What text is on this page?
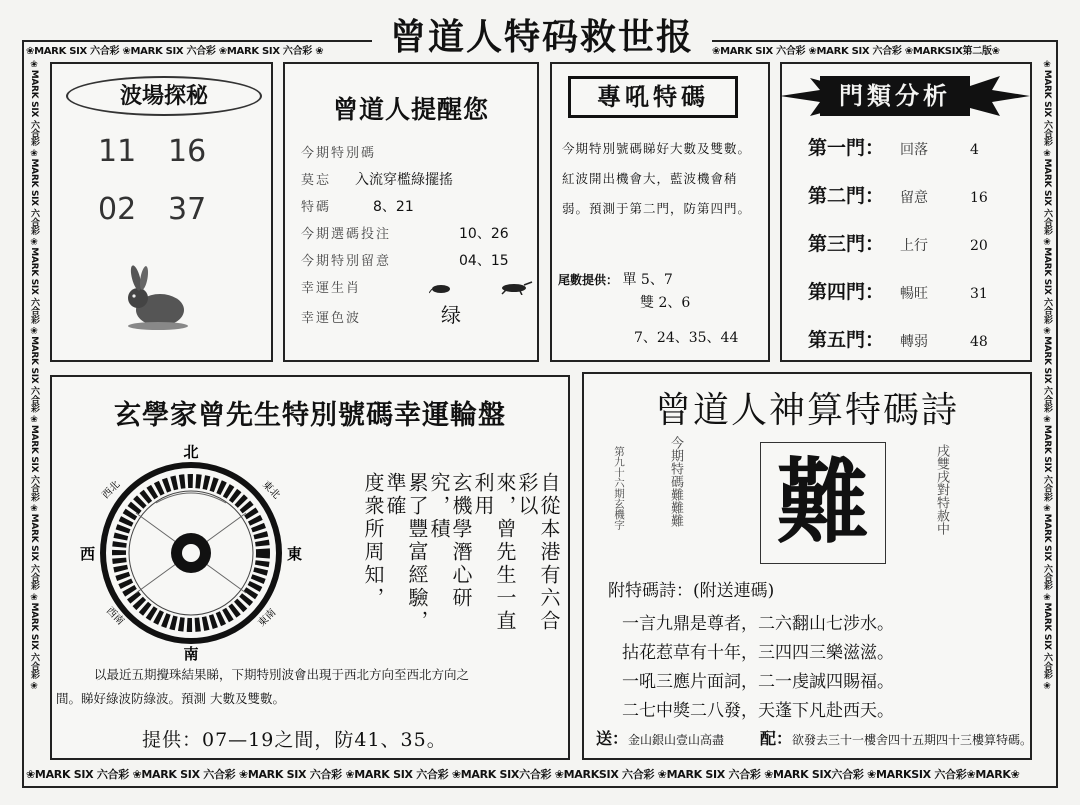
❀MARK SIX 六合彩 ❀MARK SIX 六合彩 ❀MARK SIX 六合彩 ❀	❀MARK SIX 六合彩 ❀MARK SIX 六合彩 ❀MARKSIX第二版❀
❀MARK SIX 六合彩 ❀MARK SIX 六合彩 ❀MARK SIX 六合彩 ❀MARK SIX 六合彩 ❀MARK SIX六合彩 ❀MARKSIX 六合彩 ❀MARK SIX 六合彩 ❀MARK SIX六合彩 ❀MARKSIX 六合彩❀MARK❀
❀MARK SIX 六合彩 ❀MARK SIX 六合彩 ❀MARK SIX 六合彩 ❀MARK SIX 六合彩 ❀MARK SIX 六合彩 ❀MARK SIX 六合彩 ❀MARK SIX 六合彩 ❀	❀MARK SIX 六合彩 ❀MARK SIX 六合彩 ❀MARK SIX 六合彩 ❀MARK SIX 六合彩 ❀MARK SIX 六合彩 ❀MARK SIX 六合彩 ❀MARK SIX 六合彩 ❀
曾道人特码救世报
波場探秘
11 16
02 37
曾道人提醒您
今期特別碼
莫忘 入流穿檻綠擺搖
特碼	8、21
今期選碼投注	10、26
今期特別留意	04、15
幸運生肖
幸運色波	绿
專吼特碼
今期特別號碼睇好大數及雙數。紅波開出機會大，藍波機會稍弱。預測于第二門，防第四門。
尾數提供： 單 5、7
雙 2、6
7、24、35、44
門類分析
第一門： 回落	4
第二門： 留意	16
第三門： 上行	20
第四門： 暢旺	31
第五門： 轉弱	48
玄學家曾先生特別號碼幸運輪盤
北
南
東
西
東北
西北
東南
西南	自從本港有六合彩以
來，曾先生一直利用
玄機學潛心研究，積
累了豐富經驗，準確
度衆所周知，
以最近五期攪珠結果睇，下期特別波會出現于西北方向至西北方向之
間。睇好綠波防綠波。預測 大數及雙數。
提供：07—19之間，防41、35。
曾道人神算特碼詩
第九十六期玄機字	今期特碼難難難 難	戌雙戌對特赦中
附特碼詩：(附送連碼)
一言九鼎是尊者，二六翻山七涉水。
拈花惹草有十年，三四四三樂滋滋。
一吼三應片面詞，二一虔誠四賜福。
二七中獎二八發，天蓬下凡赴西天。
送：金山銀山壹山高盡 配：欲發去三十一樓舍四十五期四十三樓算特碼。
